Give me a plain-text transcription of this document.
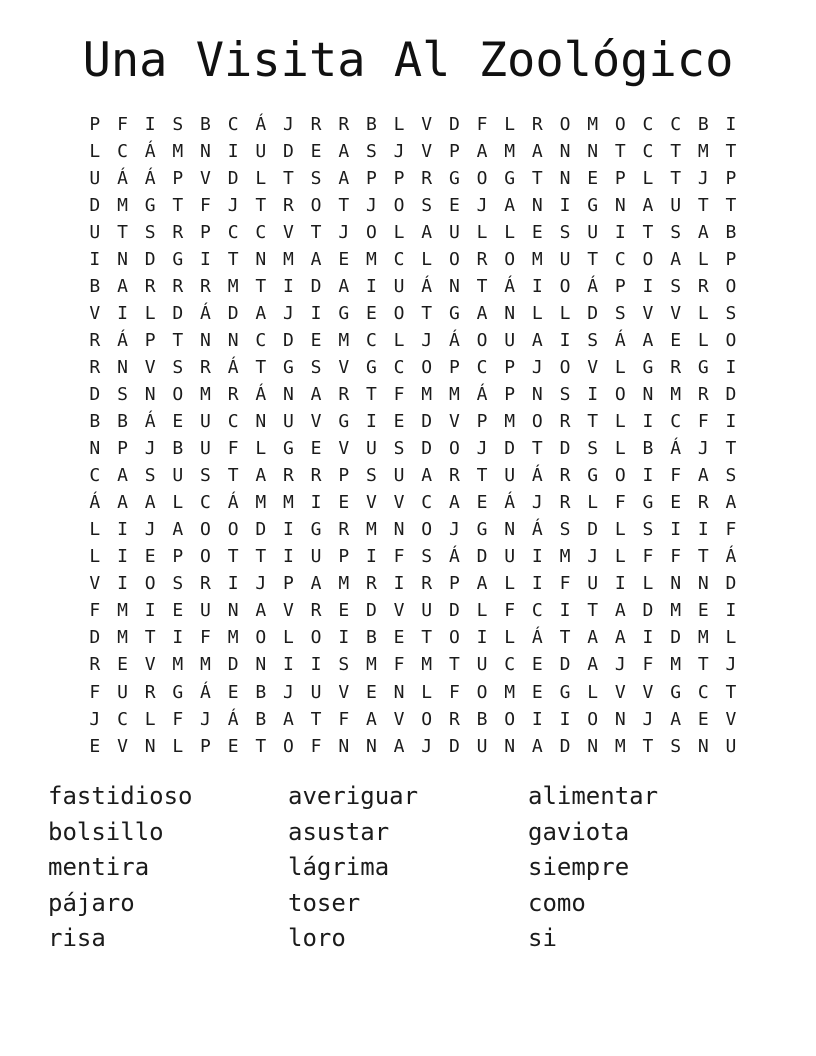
Una Visita Al Zoológico
P F I S B C Á J R R B L V D F L R O M O C C B I
L C Á M N I U D E A S J V P A M A N N T C T M T
U Á Á P V D L T S A P P R G O G T N E P L T J P
D M G T F J T R O T J O S E J A N I G N A U T T
U T S R P C C V T J O L A U L L E S U I T S A B
I N D G I T N M A E M C L O R O M U T C O A L P
B A R R R M T I D A I U Á N T Á I O Á P I S R O
V I L D Á D A J I G E O T G A N L L D S V V L S
R Á P T N N C D E M C L J Á O U A I S Á A E L O
R N V S R Á T G S V G C O P C P J O V L G R G I
D S N O M R Á N A R T F M M Á P N S I O N M R D
B B Á E U C N U V G I E D V P M O R T L I C F I
N P J B U F L G E V U S D O J D T D S L B Á J T
C A S U S T A R R P S U A R T U Á R G O I F A S
Á A A L C Á M M I E V V C A E Á J R L F G E R A
L I J A O O D I G R M N O J G N Á S D L S I I F
L I E P O T T I U P I F S Á D U I M J L F F T Á
V I O S R I J P A M R I R P A L I F U I L N N D
F M I E U N A V R E D V U D L F C I T A D M E I
D M T I F M O L O I B E T O I L Á T A A I D M L
R E V M M D N I I S M F M T U C E D A J F M T J
F U R G Á E B J U V E N L F O M E G L V V G C T
J C L F J Á B A T F A V O R B O I I O N J A E V
E V N L P E T O F N N A J D U N A D N M T S N U
fastidioso
bolsillo
mentira
pájaro
risa
averiguar
asustar
lágrima
toser
loro
alimentar
gaviota
siempre
como
si
